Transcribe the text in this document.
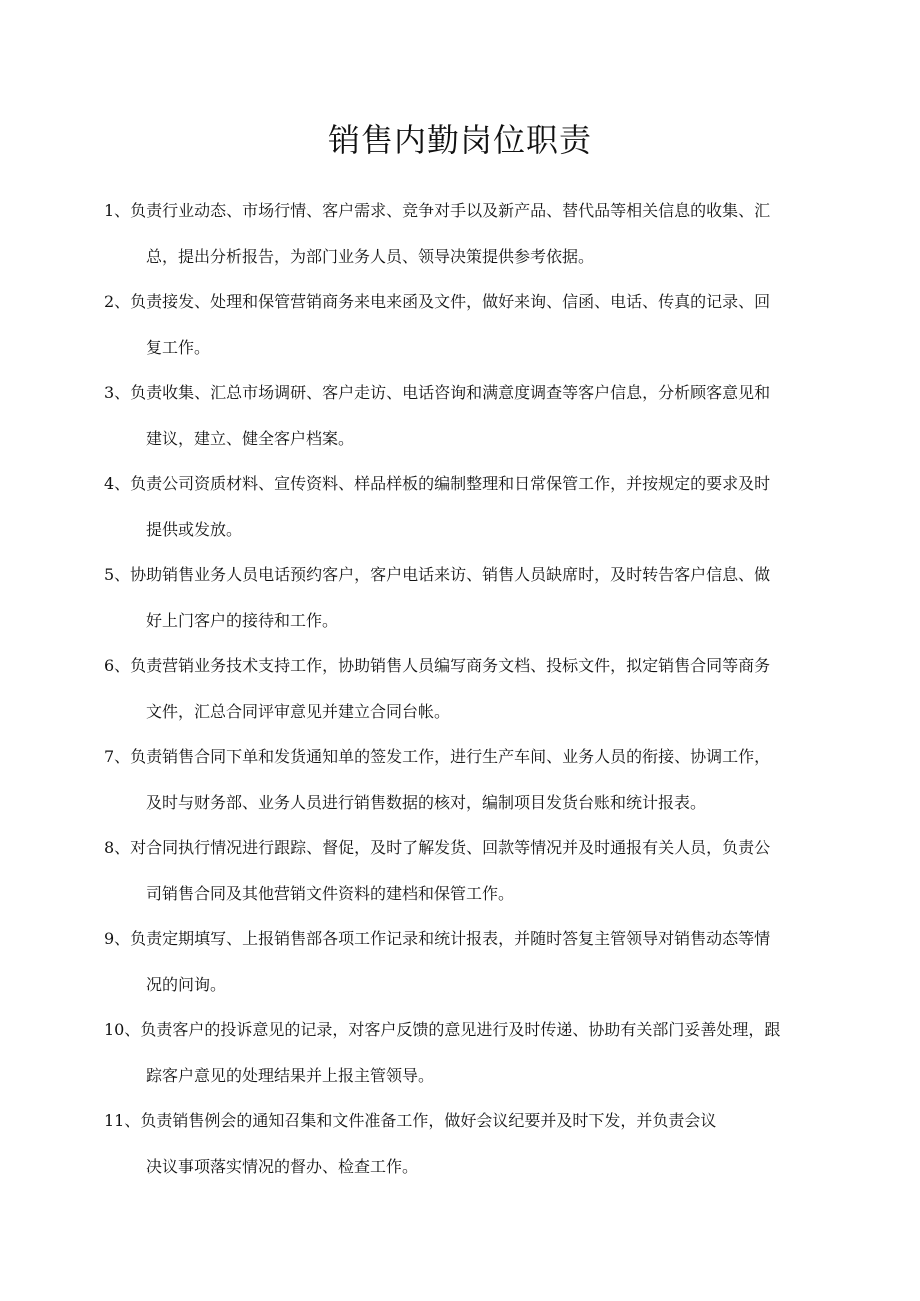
销售内勤岗位职责
1、负责行业动态、市场行情、客户需求、竞争对手以及新产品、替代品等相关信息的收集、汇
总，提出分析报告，为部门业务人员、领导决策提供参考依据。
2、负责接发、处理和保管营销商务来电来函及文件，做好来询、信函、电话、传真的记录、回
复工作。
3、负责收集、汇总市场调研、客户走访、电话咨询和满意度调查等客户信息，分析顾客意见和
建议，建立、健全客户档案。
4、负责公司资质材料、宣传资料、样品样板的编制整理和日常保管工作，并按规定的要求及时
提供或发放。
5、协助销售业务人员电话预约客户，客户电话来访、销售人员缺席时，及时转告客户信息、做
好上门客户的接待和工作。
6、负责营销业务技术支持工作，协助销售人员编写商务文档、投标文件，拟定销售合同等商务
文件，汇总合同评审意见并建立合同台帐。
7、负责销售合同下单和发货通知单的签发工作，进行生产车间、业务人员的衔接、协调工作，
及时与财务部、业务人员进行销售数据的核对，编制项目发货台账和统计报表。
8、对合同执行情况进行跟踪、督促，及时了解发货、回款等情况并及时通报有关人员，负责公
司销售合同及其他营销文件资料的建档和保管工作。
9、负责定期填写、上报销售部各项工作记录和统计报表，并随时答复主管领导对销售动态等情
况的问询。
10、负责客户的投诉意见的记录，对客户反馈的意见进行及时传递、协助有关部门妥善处理，跟
踪客户意见的处理结果并上报主管领导。
11、负责销售例会的通知召集和文件准备工作，做好会议纪要并及时下发，并负责会议
决议事项落实情况的督办、检查工作。
